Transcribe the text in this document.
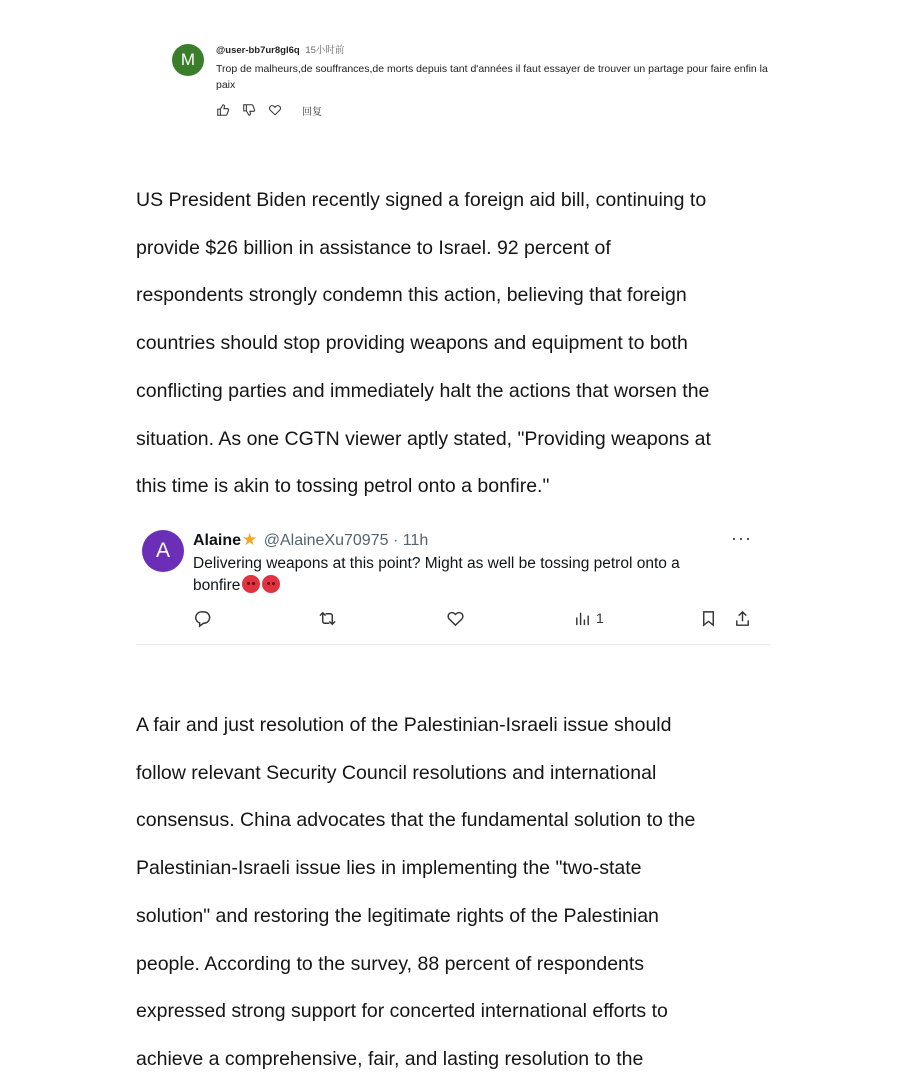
M	@user-bb7ur8gl6q 15小时前
Trop de malheurs,de souffrances,de morts depuis tant d'années il faut essayer de trouver un partage pour faire enfin la
paix
回复

US President Biden recently signed a foreign aid bill, continuing to
provide $26 billion in assistance to Israel. 92 percent of
respondents strongly condemn this action, believing that foreign
countries should stop providing weapons and equipment to both
conflicting parties and immediately halt the actions that worsen the
situation. As one CGTN viewer aptly stated, "Providing weapons at
this time is akin to tossing petrol onto a bonfire."

A	Alaine★ @AlaineXu70975 · 11h	···
Delivering weapons at this point? Might as well be tossing petrol onto a
bonfire
1

A fair and just resolution of the Palestinian-Israeli issue should
follow relevant Security Council resolutions and international
consensus. China advocates that the fundamental solution to the
Palestinian-Israeli issue lies in implementing the "two-state
solution" and restoring the legitimate rights of the Palestinian
people. According to the survey, 88 percent of respondents
expressed strong support for concerted international efforts to
achieve a comprehensive, fair, and lasting resolution to the
